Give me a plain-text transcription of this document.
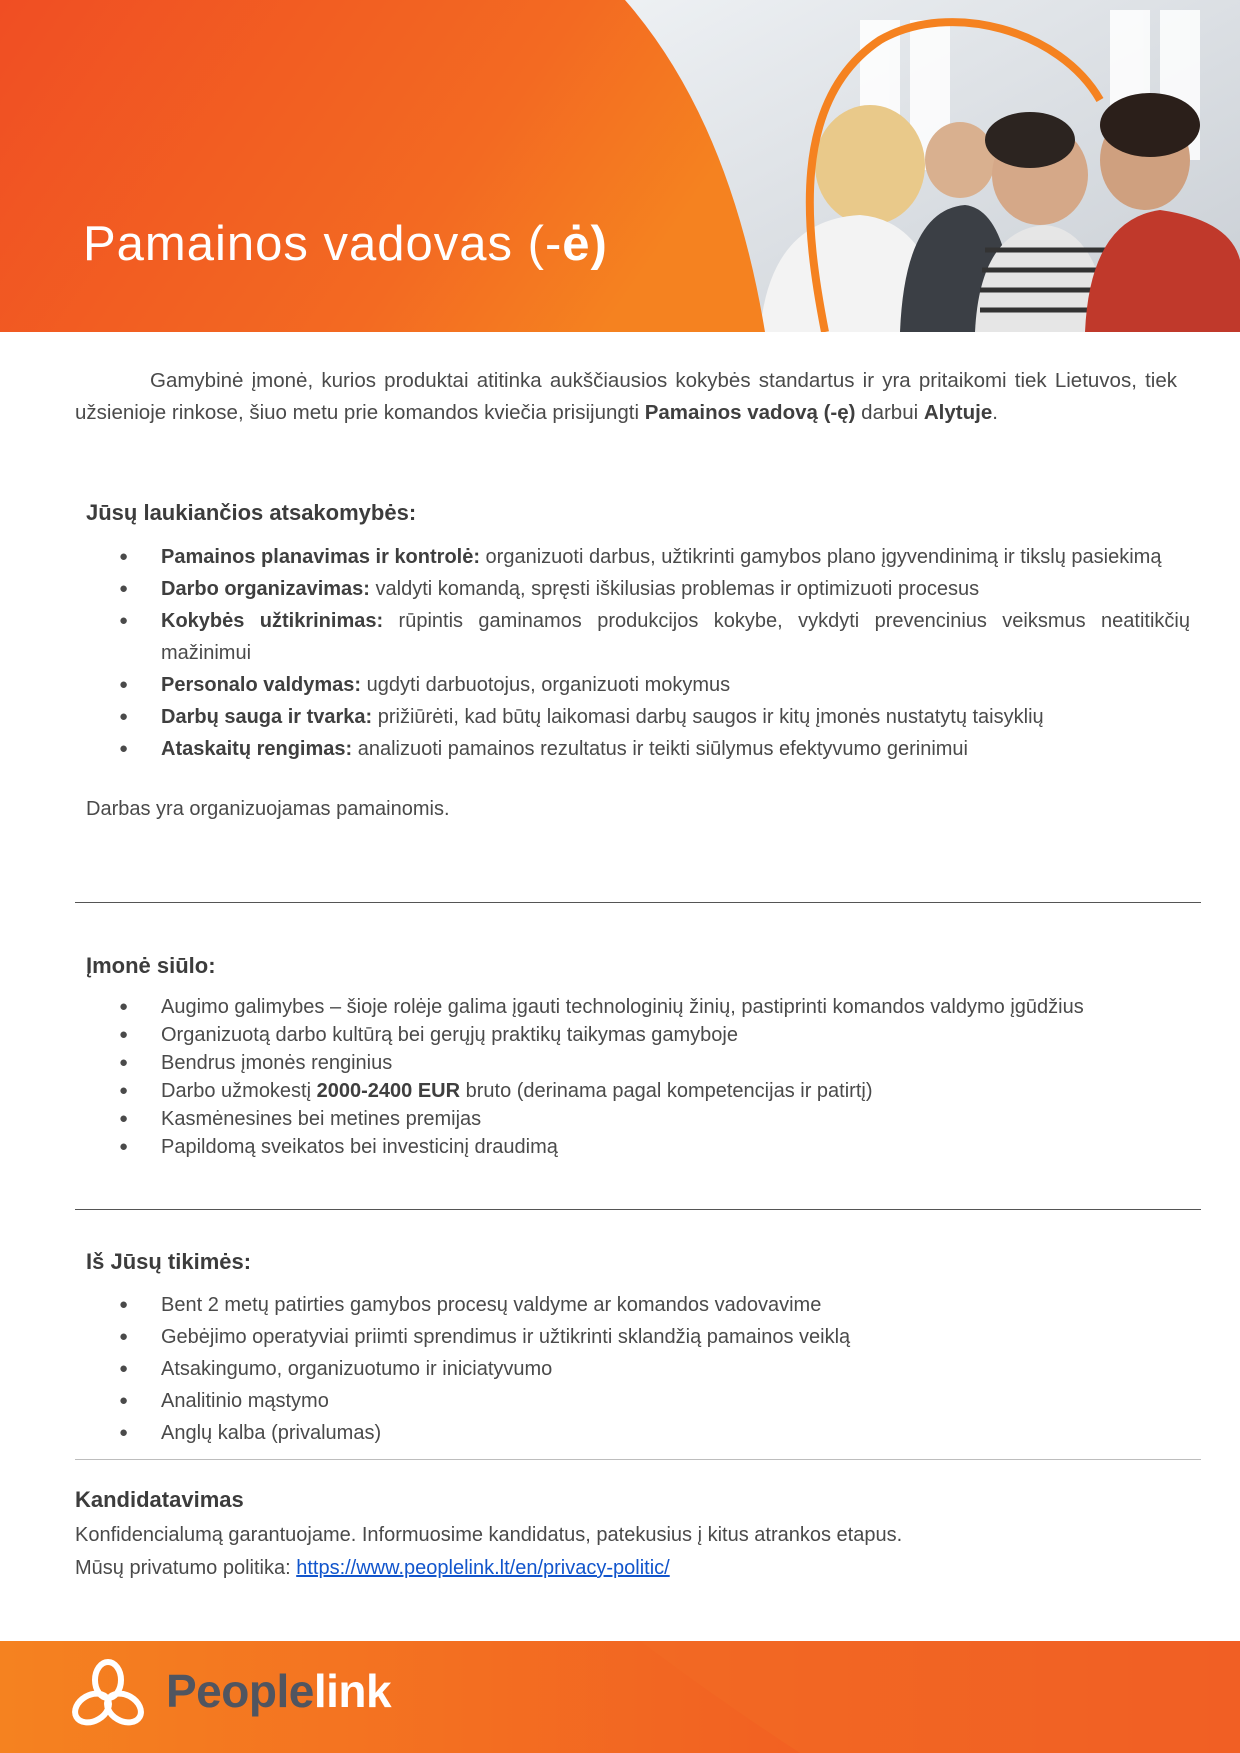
Pamainos vadovas (-ė)

Gamybinė įmonė, kurios produktai atitinka aukščiausios kokybės standartus ir yra pritaikomi tiek Lietuvos, tiek užsienioje rinkose, šiuo metu prie komandos kviečia prisijungti Pamainos vadovą (-ę) darbui Alytuje.

Jūsų laukiančios atsakomybės:
● Pamainos planavimas ir kontrolė: organizuoti darbus, užtikrinti gamybos plano įgyvendinimą ir tikslų pasiekimą
● Darbo organizavimas: valdyti komandą, spręsti iškilusias problemas ir optimizuoti procesus
● Kokybės užtikrinimas: rūpintis gaminamos produkcijos kokybe, vykdyti prevencinius veiksmus neatitikčių mažinimui
● Personalo valdymas: ugdyti darbuotojus, organizuoti mokymus
● Darbų sauga ir tvarka: prižiūrėti, kad būtų laikomasi darbų saugos ir kitų įmonės nustatytų taisyklių
● Ataskaitų rengimas: analizuoti pamainos rezultatus ir teikti siūlymus efektyvumo gerinimui

Darbas yra organizuojamas pamainomis.

Įmonė siūlo:
● Augimo galimybes – šioje rolėje galima įgauti technologinių žinių, pastiprinti komandos valdymo įgūdžius
● Organizuotą darbo kultūrą bei gerųjų praktikų taikymas gamyboje
● Bendrus įmonės renginius
● Darbo užmokestį 2000-2400 EUR bruto (derinama pagal kompetencijas ir patirtį)
● Kasmėnesines bei metines premijas
● Papildomą sveikatos bei investicinį draudimą
Iš Jūsų tikimės:
● Bent 2 metų patirties gamybos procesų valdyme ar komandos vadovavime
● Gebėjimo operatyviai priimti sprendimus ir užtikrinti sklandžią pamainos veiklą
● Atsakingumo, organizuotumo ir iniciatyvumo
● Analitinio mąstymo
● Anglų kalba (privalumas)
Kandidatavimas

Konfidencialumą garantuojame. Informuosime kandidatus, patekusius į kitus atrankos etapus.
Mūsų privatumo politika: https://www.peoplelink.lt/en/privacy-politic/

Peoplelink
